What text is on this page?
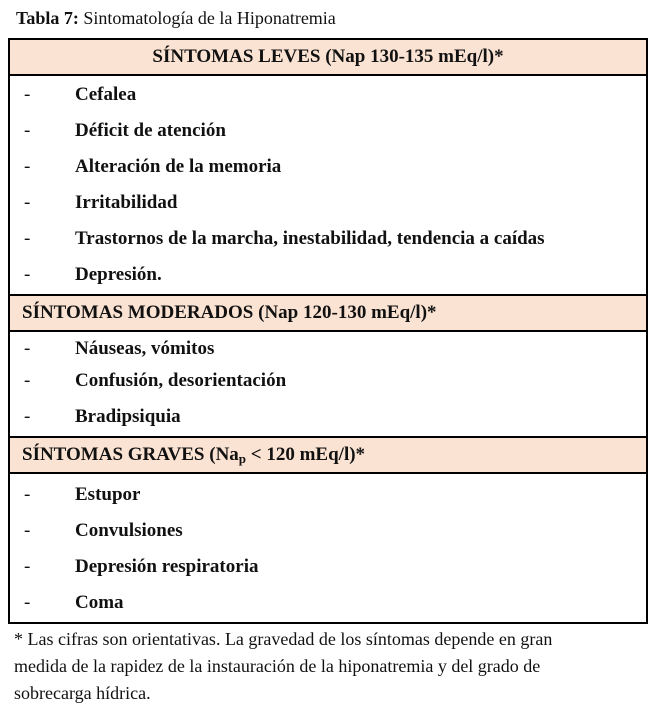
Tabla 7: Sintomatología de la Hiponatremia
SÍNTOMAS LEVES (Nap 130-135 mEq/l)*
- Cefalea
- Déficit de atención
- Alteración de la memoria
- Irritabilidad
- Trastornos de la marcha, inestabilidad, tendencia a caídas
- Depresión.
SÍNTOMAS MODERADOS (Nap 120-130 mEq/l)*
- Náuseas, vómitos
- Confusión, desorientación
- Bradipsiquia
SÍNTOMAS GRAVES ($Na_p < 120$ mEq/l)*
- Estupor
- Convulsiones
- Depresión respiratoria
- Coma
* Las cifras son orientativas. La gravedad de los síntomas depende en gran
medida de la rapidez de la instauración de la hiponatremia y del grado de
sobrecarga hídrica.
